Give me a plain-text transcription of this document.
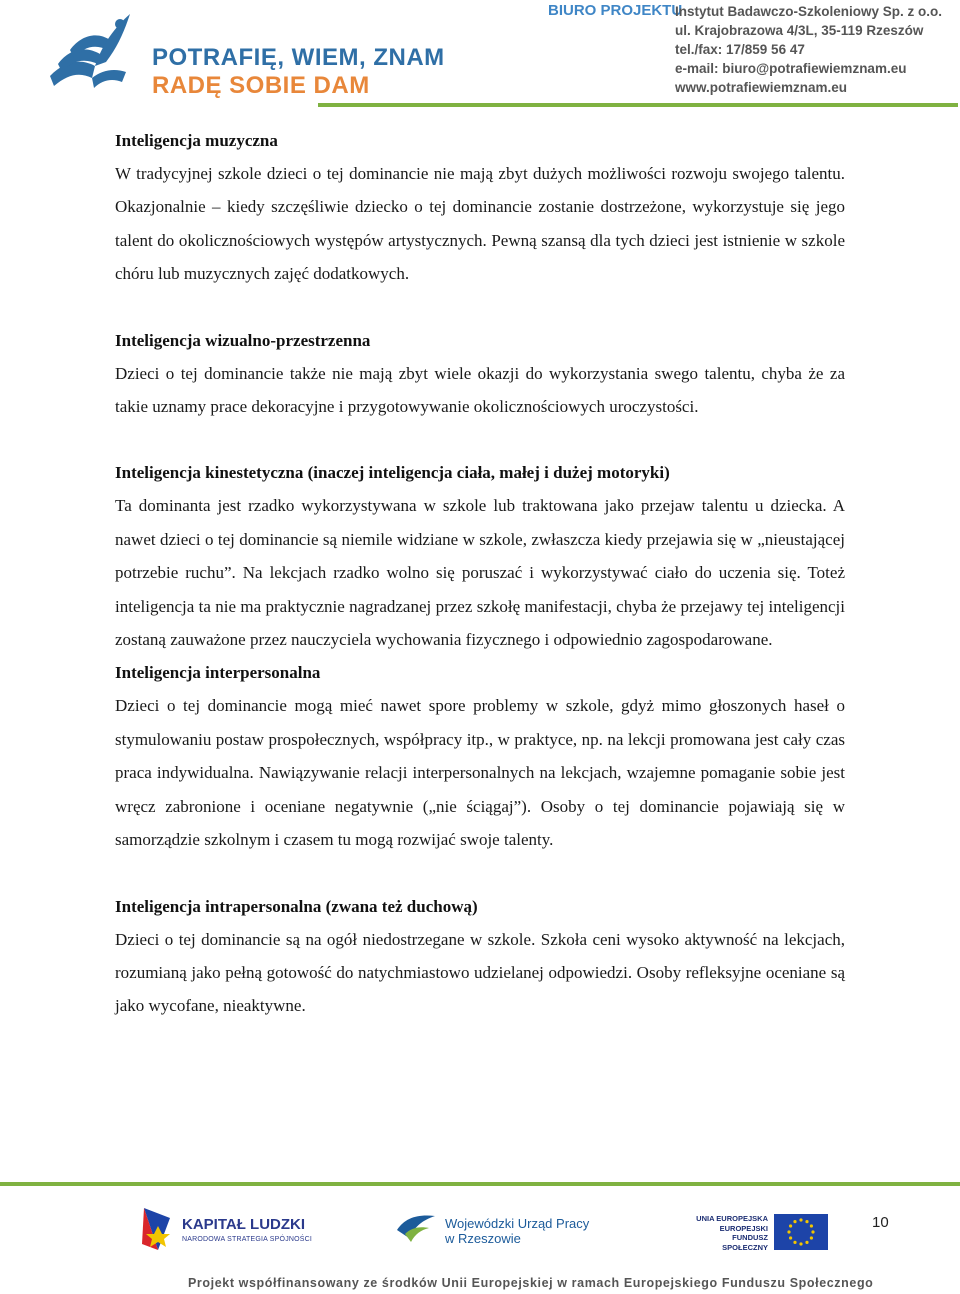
POTRAFIĘ, WIEM, ZNAM
RADĘ SOBIE DAM
BIURO PROJEKTU
Instytut Badawczo-Szkoleniowy Sp. z o.o.
ul. Krajobrazowa 4/3L, 35-119 Rzeszów
tel./fax: 17/859 56 47
e-mail: biuro@potrafiewiemznam.eu
www.potrafiewiemznam.eu

Inteligencja muzyczna

W tradycyjnej szkole dzieci o tej dominancie nie mają zbyt dużych możliwości rozwoju swojego talentu. Okazjonalnie – kiedy szczęśliwie dziecko o tej dominancie zostanie dostrzeżone, wykorzystuje się jego talent do okolicznościowych występów artystycznych. Pewną szansą dla tych dzieci jest istnienie w szkole chóru lub muzycznych zajęć dodatkowych.

Inteligencja wizualno-przestrzenna

Dzieci o tej dominancie także nie mają zbyt wiele okazji do wykorzystania swego talentu, chyba że za takie uznamy prace dekoracyjne i przygotowywanie okolicznościowych uroczystości.

Inteligencja kinestetyczna (inaczej inteligencja ciała, małej i dużej motoryki)

Ta dominanta jest rzadko wykorzystywana w szkole lub traktowana jako przejaw talentu u dziecka. A nawet dzieci o tej dominancie są niemile widziane w szkole, zwłaszcza kiedy przejawia się w „nieustającej potrzebie ruchu”. Na lekcjach rzadko wolno się poruszać i wykorzystywać ciało do uczenia się. Toteż inteligencja ta nie ma praktycznie nagradzanej przez szkołę manifestacji, chyba że przejawy tej inteligencji zostaną zauważone przez nauczyciela wychowania fizycznego i odpowiednio zagospodarowane.

Inteligencja interpersonalna

Dzieci o tej dominancie mogą mieć nawet spore problemy w szkole, gdyż mimo głoszonych haseł o stymulowaniu postaw prospołecznych, współpracy itp., w praktyce, np. na lekcji promowana jest cały czas praca indywidualna. Nawiązywanie relacji interpersonalnych na lekcjach, wzajemne pomaganie sobie jest wręcz zabronione i oceniane negatywnie („nie ściągaj”). Osoby o tej dominancie pojawiają się w samorządzie szkolnym i czasem tu mogą rozwijać swoje talenty.

Inteligencja intrapersonalna (zwana też duchową)

Dzieci o tej dominancie są na ogół niedostrzegane w szkole. Szkoła ceni wysoko aktywność na lekcjach, rozumianą jako pełną gotowość do natychmiastowo udzielanej odpowiedzi. Osoby refleksyjne oceniane są jako wycofane, nieaktywne.

10
KAPITAŁ LUDZKI
NARODOWA STRATEGIA SPÓJNOŚCI
Wojewódzki Urząd Pracy
w Rzeszowie
UNIA EUROPEJSKA
EUROPEJSKI
FUNDUSZ SPOŁECZNY
Projekt współfinansowany ze środków Unii Europejskiej w ramach Europejskiego Funduszu Społecznego
